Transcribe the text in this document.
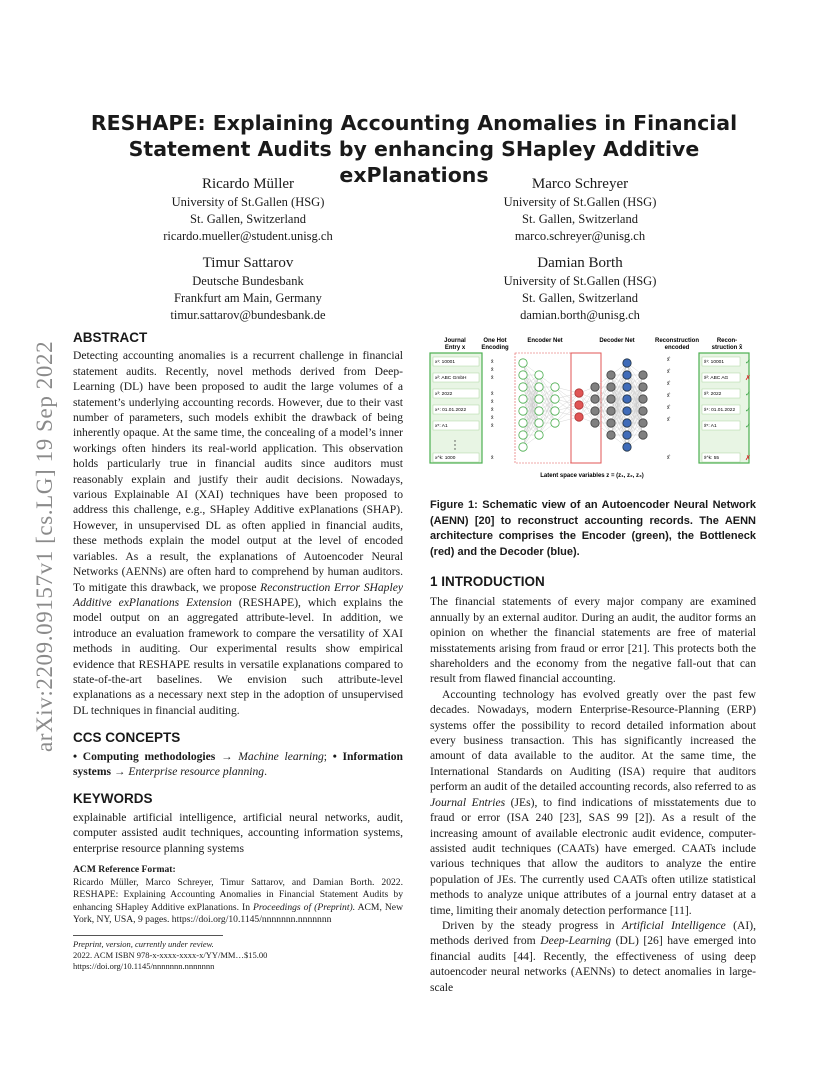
arXiv:2209.09157v1 [cs.LG] 19 Sep 2022
RESHAPE: Explaining Accounting Anomalies in Financial Statement Audits by enhancing SHapley Additive exPlanations
Ricardo Müller
University of St.Gallen (HSG)
St. Gallen, Switzerland
ricardo.mueller@student.unisg.ch
Marco Schreyer
University of St.Gallen (HSG)
St. Gallen, Switzerland
marco.schreyer@unisg.ch
Timur Sattarov
Deutsche Bundesbank
Frankfurt am Main, Germany
timur.sattarov@bundesbank.de
Damian Borth
University of St.Gallen (HSG)
St. Gallen, Switzerland
damian.borth@unisg.ch
ABSTRACT

Detecting accounting anomalies is a recurrent challenge in financial statement audits. Recently, novel methods derived from Deep-Learning (DL) have been proposed to audit the large volumes of a statement’s underlying accounting records. However, due to their vast number of parameters, such models exhibit the drawback of being inherently opaque. At the same time, the concealing of a model’s inner workings often hinders its real-world application. This observation holds particularly true in financial audits since auditors must reasonably explain and justify their audit decisions. Nowadays, various Explainable AI (XAI) techniques have been proposed to address this challenge, e.g., SHapley Additive exPlanations (SHAP). However, in unsupervised DL as often applied in financial audits, these methods explain the model output at the level of encoded variables. As a result, the explanations of Autoencoder Neural Networks (AENNs) are often hard to comprehend by human auditors. To mitigate this drawback, we propose Reconstruction Error SHapley Additive exPlanations Extension (RESHAPE), which explains the model output on an aggregated attribute-level. In addition, we introduce an evaluation framework to compare the versatility of XAI methods in auditing. Our experimental results show empirical evidence that RESHAPE results in versatile explanations compared to state-of-the-art baselines. We envision such attribute-level explanations as a necessary next step in the adoption of unsupervised DL techniques in financial auditing.

CCS CONCEPTS

• Computing methodologies → Machine learning; • Information systems → Enterprise resource planning.

KEYWORDS

explainable artificial intelligence, artificial neural networks, audit, computer assisted audit techniques, accounting information systems, enterprise resource planning systems

ACM Reference Format:

Ricardo Müller, Marco Schreyer, Timur Sattarov, and Damian Borth. 2022. RESHAPE: Explaining Accounting Anomalies in Financial Statement Audits by enhancing SHapley Additive exPlanations. In Proceedings of (Preprint). ACM, New York, NY, USA, 9 pages. https://doi.org/10.1145/nnnnnnn.nnnnnnn

Preprint, version, currently under review.
2022. ACM ISBN 978-x-xxxx-xxxx-x/YY/MM…$15.00
https://doi.org/10.1145/nnnnnnn.nnnnnnn
Journal
Entry x
One Hot
Encoding
Encoder Net	Decoder Net	Reconstruction
encoded
Recon-
struction x̂
x¹: 10001
x²: ABC GmbH
x³: 2022
x⁴: 01.01.2022
x⁵: A1
x^k: 1000
x̄
x̄
x̄
x̄
x̄
x̄
x̄
x̄
x̄
x̄̂
x̄̂
x̄̂
x̄̂
x̄̂
x̄̂
x̄̂
x̂¹: 10001	✓
x̂²: ABC AG ✗
x̂³: 2022	✓
x̂⁴: 01.01.2022 ✓
x̂⁵: A1	✓
x̂^k: 55	✗
Latent space variables z = (z₁, z₂, z₃)

Figure 1: Schematic view of an Autoencoder Neural Network (AENN) [20] to reconstruct accounting records. The AENN architecture comprises the Encoder (green), the Bottleneck (red) and the Decoder (blue).

1 INTRODUCTION

The financial statements of every major company are examined annually by an external auditor. During an audit, the auditor forms an opinion on whether the financial statements are free of material misstatements arising from fraud or error [21]. This protects both the shareholders and the economy from the negative fall-out that can result from flawed financial accounting.

Accounting technology has evolved greatly over the past few decades. Nowadays, modern Enterprise-Resource-Planning (ERP) systems offer the possibility to record detailed information about every business transaction. This has significantly increased the amount of data available to the auditor. At the same time, the International Standards on Auditing (ISA) require that auditors perform an audit of the detailed accounting records, also referred to as Journal Entries (JEs), to find indications of misstatements due to fraud or error (ISA 240 [23], SAS 99 [2]). As a result of the increasing amount of available electronic audit evidence, computer-assisted audit techniques (CAATs) have emerged. CAATs include various techniques that allow the auditors to analyze the entire population of JEs. The currently used CAATs often utilize statistical methods to analyze unique attributes of a journal entry dataset at a time, limiting their anomaly detection performance [11].

Driven by the steady progress in Artificial Intelligence (AI), methods derived from Deep-Learning (DL) [26] have emerged into financial audits [44]. Recently, the effectiveness of using deep autoencoder neural networks (AENNs) to detect anomalies in large-scale
